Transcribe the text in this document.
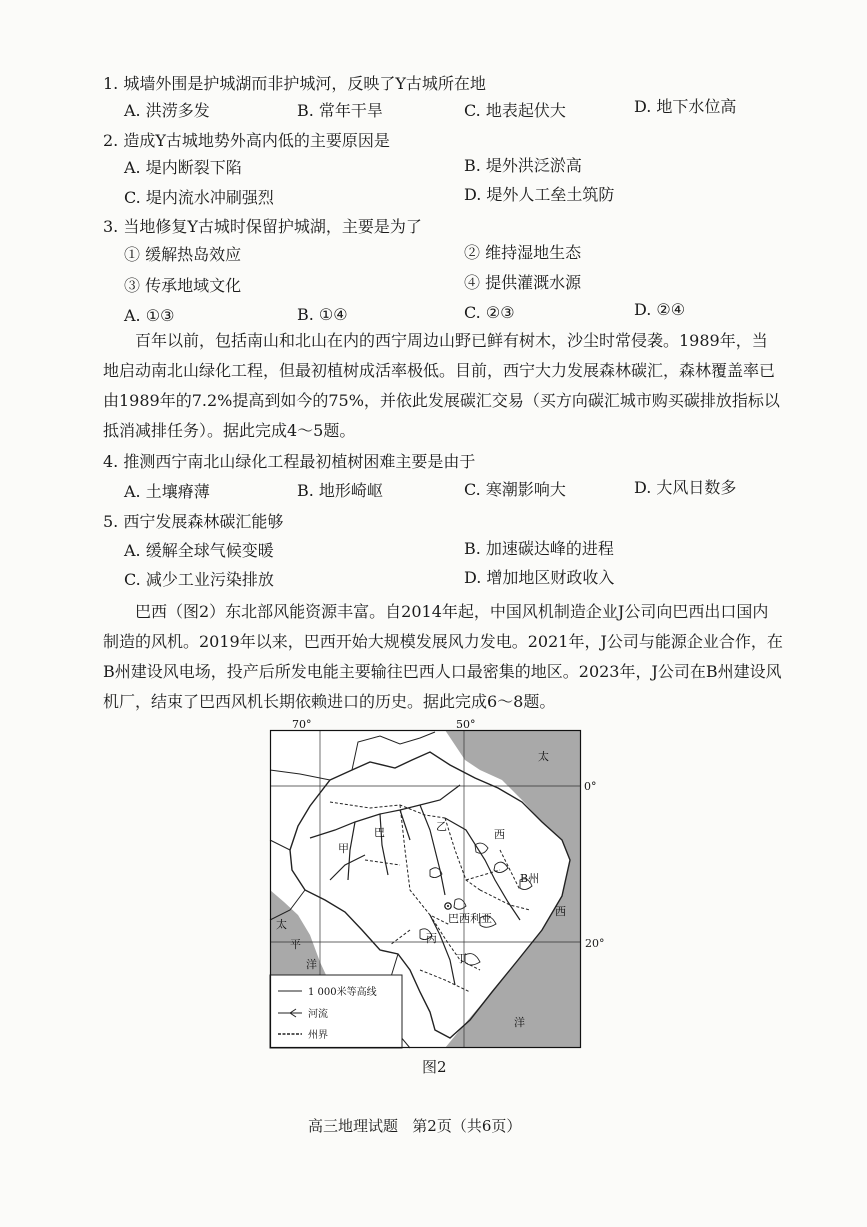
1. 城墙外围是护城湖而非护城河，反映了Y古城所在地
A. 洪涝多发	B. 常年干旱	C. 地表起伏大	D. 地下水位高
2. 造成Y古城地势外高内低的主要原因是
A. 堤内断裂下陷	B. 堤外洪泛淤高
C. 堤内流水冲刷强烈	D. 堤外人工垒土筑防
3. 当地修复Y古城时保留护城湖，主要是为了
① 缓解热岛效应	② 维持湿地生态
③ 传承地域文化	④ 提供灌溉水源
A. ①③	B. ①④	C. ②③	D. ②④
百年以前，包括南山和北山在内的西宁周边山野已鲜有树木，沙尘时常侵袭。1989年，当地启动南北山绿化工程，但最初植树成活率极低。目前，西宁大力发展森林碳汇，森林覆盖率已由1989年的7.2%提高到如今的75%，并依此发展碳汇交易（买方向碳汇城市购买碳排放指标以抵消减排任务）。据此完成4～5题。
4. 推测西宁南北山绿化工程最初植树困难主要是由于
A. 土壤瘠薄	B. 地形崎岖	C. 寒潮影响大	D. 大风日数多
5. 西宁发展森林碳汇能够
A. 缓解全球气候变暖	B. 加速碳达峰的进程
C. 减少工业污染排放	D. 增加地区财政收入
巴西（图2）东北部风能资源丰富。自2014年起，中国风机制造企业J公司向巴西出口国内制造的风机。2019年以来，巴西开始大规模发展风力发电。2021年，J公司与能源企业合作，在B州建设风电场，投产后所发电能主要输往巴西人口最密集的地区。2023年，J公司在B州建设风机厂，结束了巴西风机长期依赖进口的历史。据此完成6～8题。
70°	50°
0°
甲
巴	乙
西
B州
巴西利亚
丙
丁
太
西
洋
太
平
洋
1 000米等高线
河流
州界
20°
图2
高三地理试题   第2页（共6页）
